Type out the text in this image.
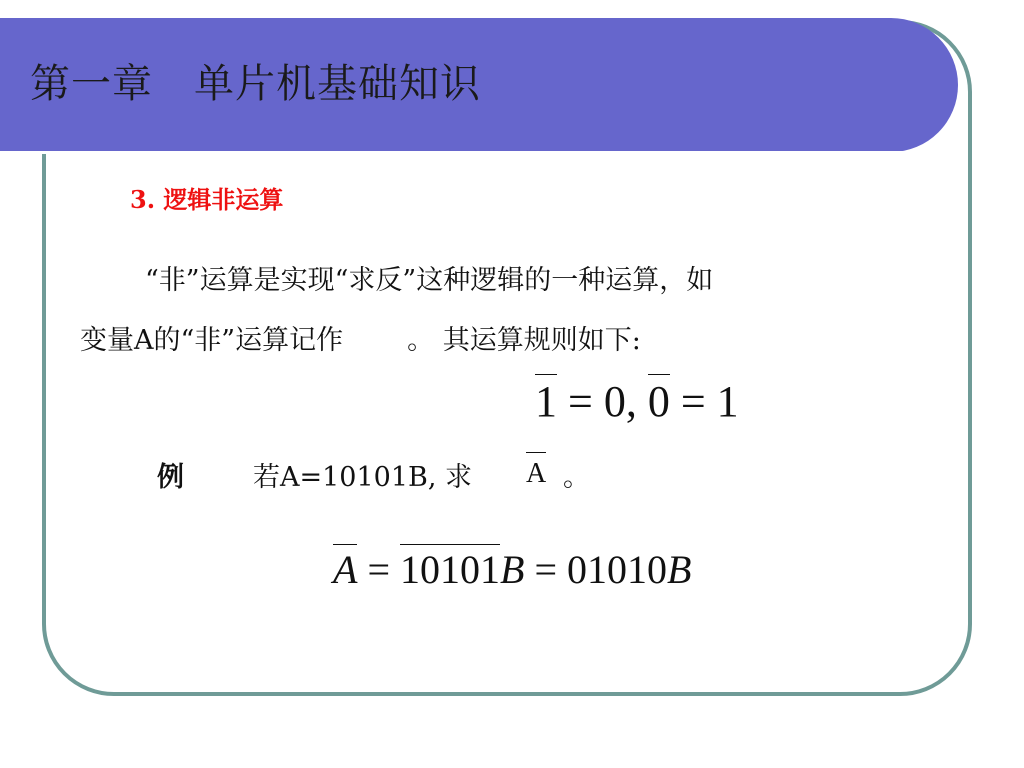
第一章　单片机基础知识
3. 逻辑非运算
“非”运算是实现“求反”这种逻辑的一种运算，如
变量A的“非”运算记作 。 其运算规则如下:
1 = 0, 0 = 1
例	若A=10101B, 求 A 。
A = 10101B = 01010B
